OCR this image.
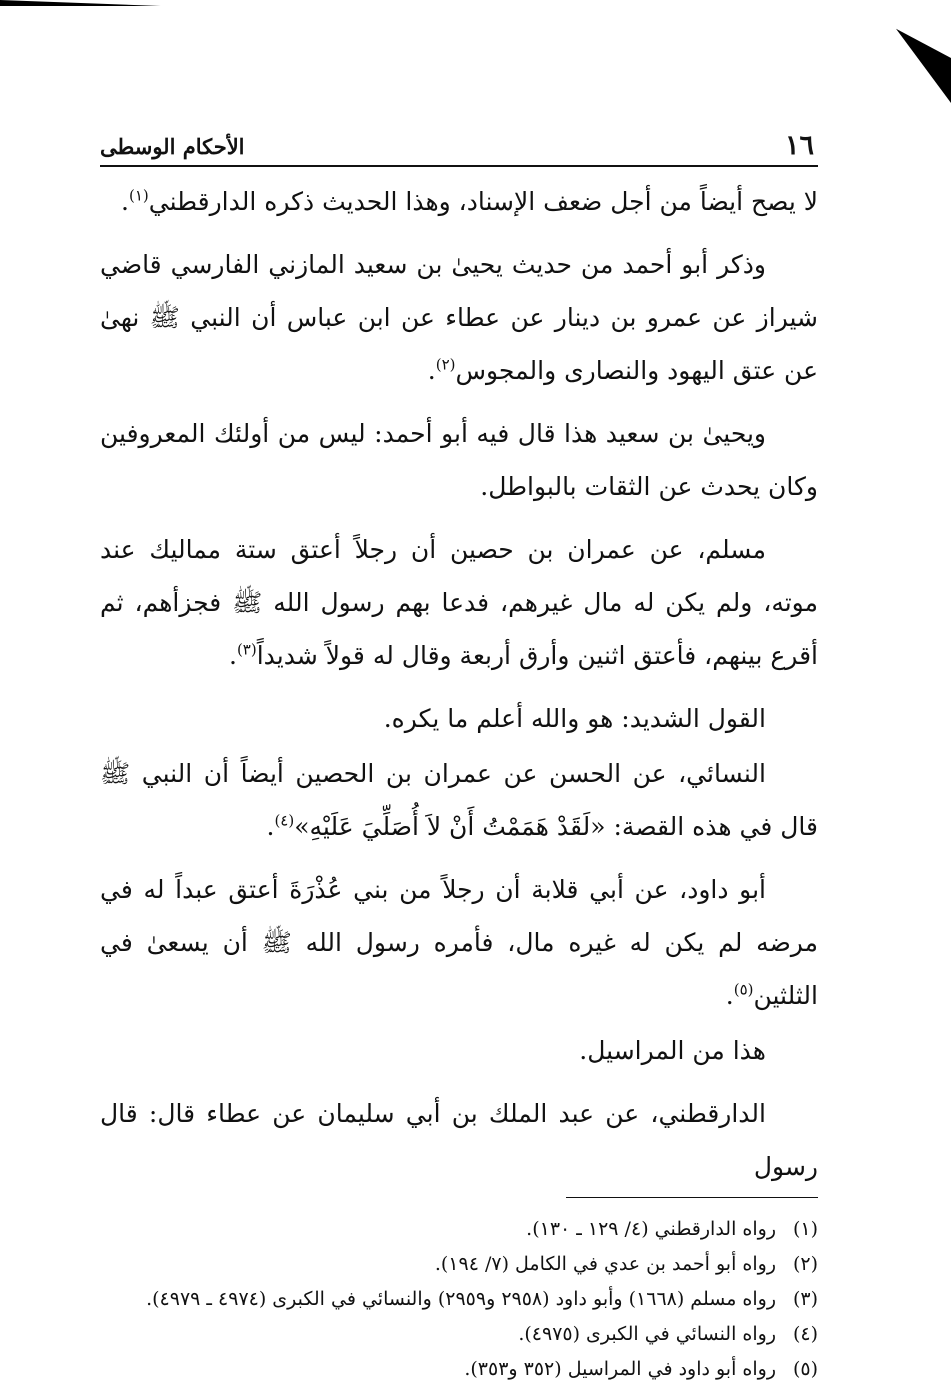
١٦
الأحكام الوسطى

لا يصح أيضاً من أجل ضعف الإسناد، وهذا الحديث ذكره الدارقطني$^{(١)}$.

وذكر أبو أحمد من حديث يحيىٰ بن سعيد المازني الفارسي قاضي شيراز عن عمرو بن دينار عن عطاء عن ابن عباس أن النبي ﷺ نهىٰ عن عتق اليهود والنصارى والمجوس$^{(٢)}$.

ويحيىٰ بن سعيد هذا قال فيه أبو أحمد: ليس من أولئك المعروفين وكان يحدث عن الثقات بالبواطل.

مسلم، عن عمران بن حصين أن رجلاً أعتق ستة مماليك عند موته، ولم يكن له مال غيرهم، فدعا بهم رسول الله ﷺ فجزأهم، ثم أقرع بينهم، فأعتق اثنين وأرق أربعة وقال له قولاً شديداً$^{(٣)}$.

القول الشديد: هو والله أعلم ما يكره.

النسائي، عن الحسن عن عمران بن الحصين أيضاً أن النبي ﷺ قال في هذه القصة: «لَقَدْ هَمَمْتُ أَنْ لاَ أُصَلِّيَ عَلَيْهِ»$^{(٤)}$.

أبو داود، عن أبي قلابة أن رجلاً من بني عُذْرَةَ أعتق عبداً له في مرضه لم يكن له غيره مال، فأمره رسول الله ﷺ أن يسعىٰ في الثلثين$^{(٥)}$.

هذا من المراسيل.

الدارقطني، عن عبد الملك بن أبي سليمان عن عطاء قال: قال رسول

(١)
رواه الدارقطني (٤/ ١٢٩ ـ ١٣٠).
(٢)
رواه أبو أحمد بن عدي في الكامل (٧/ ١٩٤).
(٣)
رواه مسلم (١٦٦٨) وأبو داود (٢٩٥٨ و٢٩٥٩) والنسائي في الكبرى (٤٩٧٤ ـ ٤٩٧٩).
(٤)
رواه النسائي في الكبرى (٤٩٧٥).
(٥)
رواه أبو داود في المراسيل (٣٥٢ و٣٥٣).
